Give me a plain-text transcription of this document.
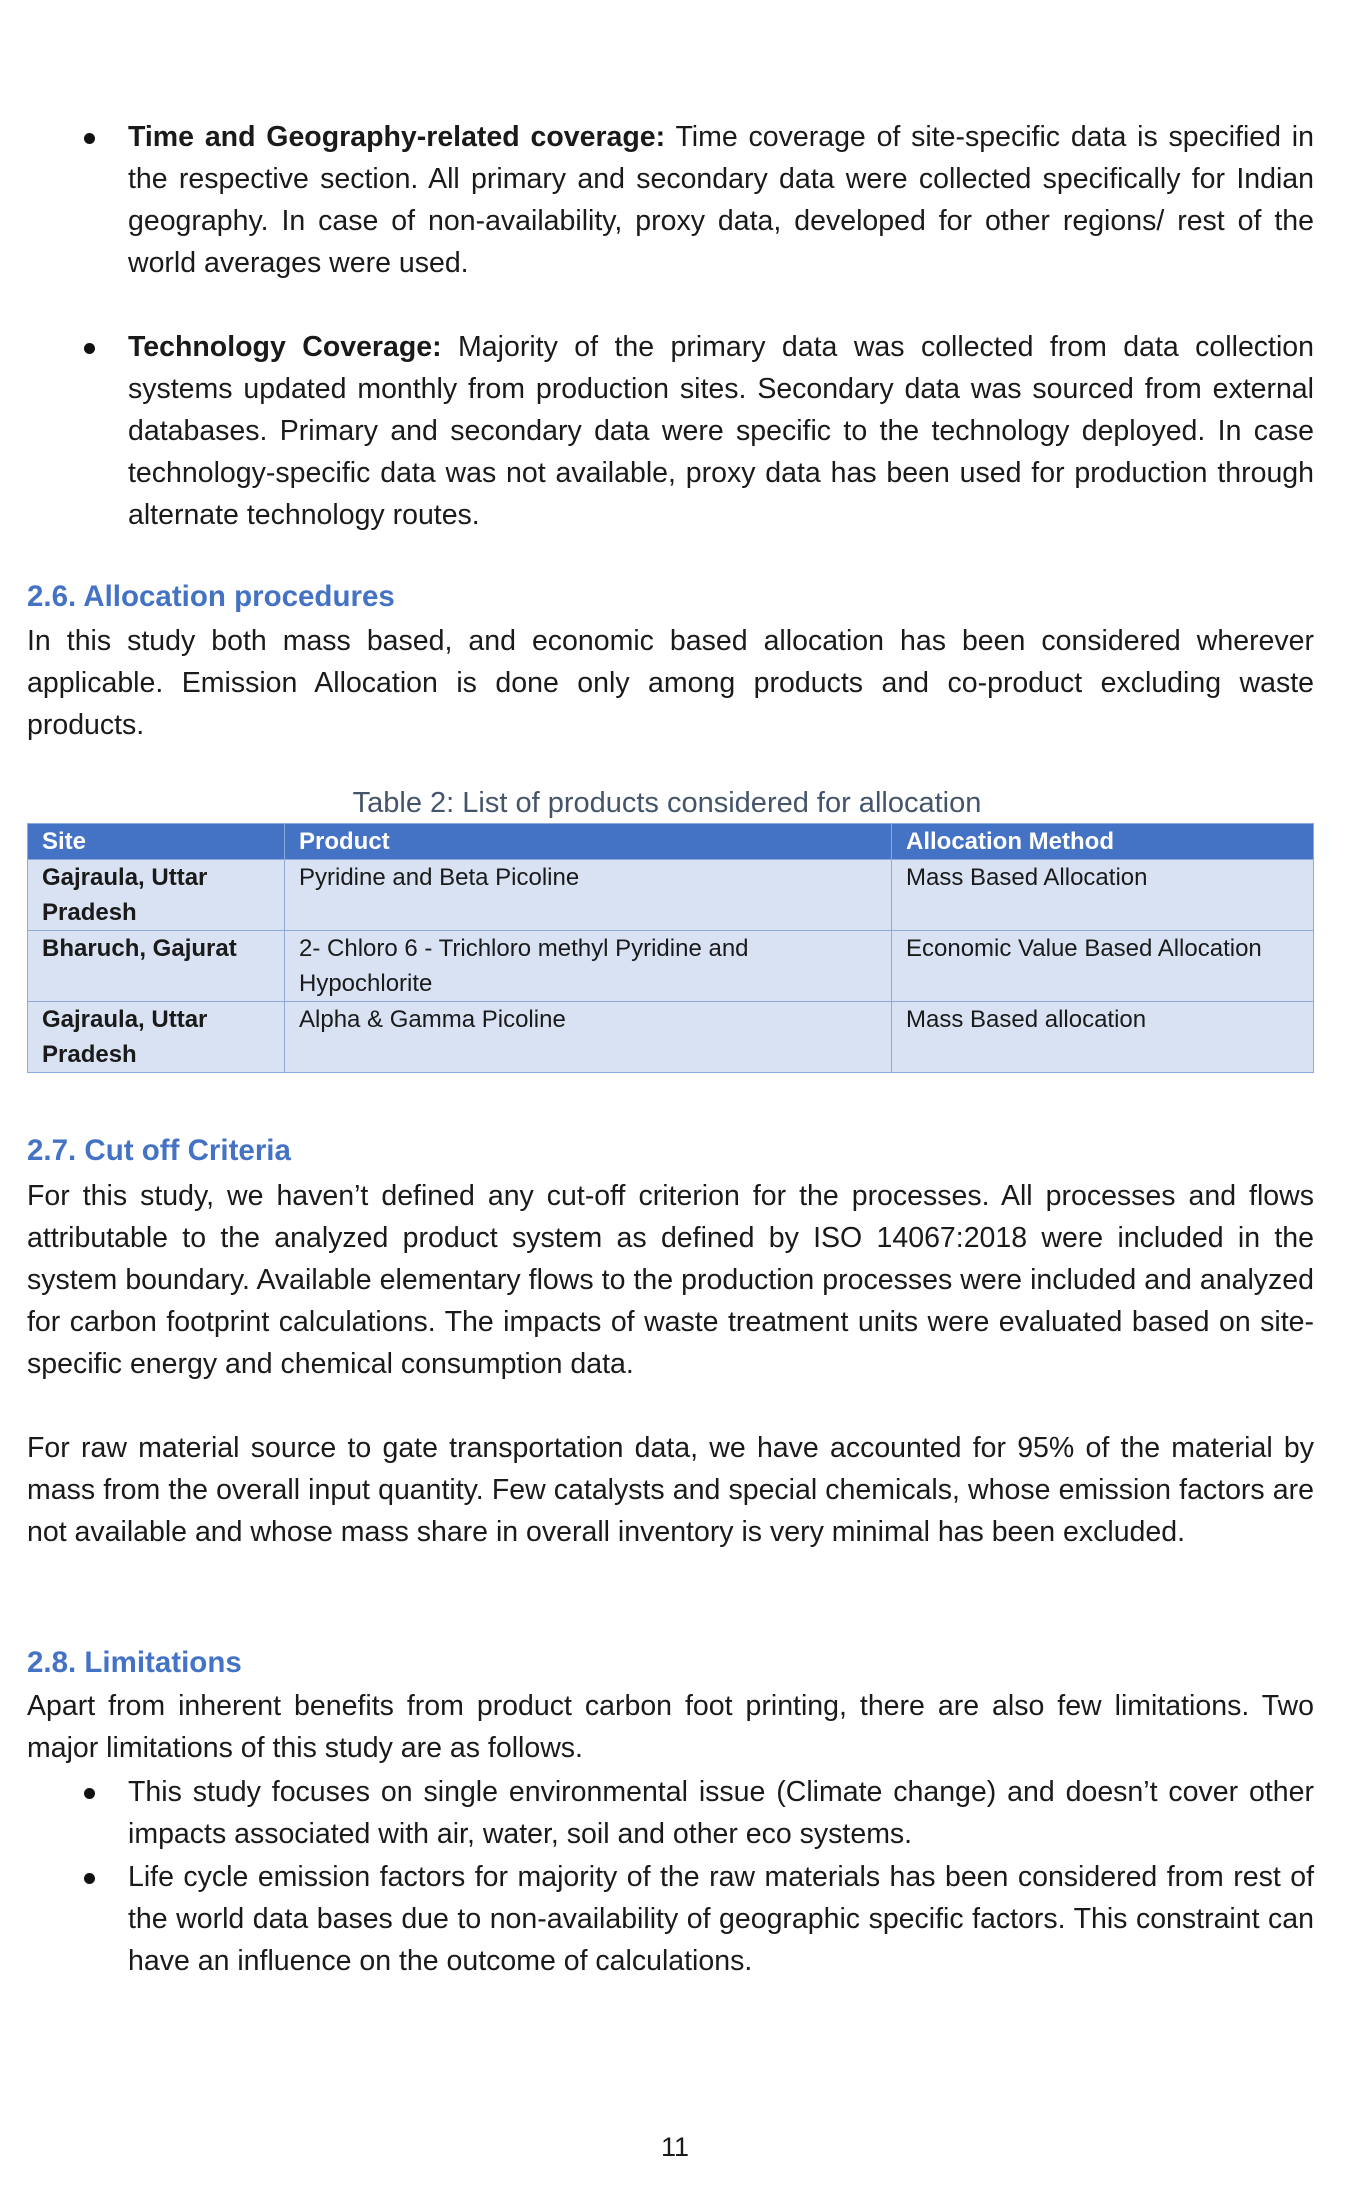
Time and Geography-related coverage: Time coverage of site-specific data is specified in the respective section. All primary and secondary data were collected specifically for Indian geography. In case of non-availability, proxy data, developed for other regions/ rest of the world averages were used.
Technology Coverage: Majority of the primary data was collected from data collection systems updated monthly from production sites. Secondary data was sourced from external databases. Primary and secondary data were specific to the technology deployed. In case technology-specific data was not available, proxy data has been used for production through alternate technology routes.
2.6. Allocation procedures
In this study both mass based, and economic based allocation has been considered wherever applicable. Emission Allocation is done only among products and co-product excluding waste products.
Table 2: List of products considered for allocation
Site	Product	Allocation Method
Gajraula, Uttar Pradesh	Pyridine and Beta Picoline	Mass Based Allocation
Bharuch, Gajurat	2- Chloro 6 - Trichloro methyl Pyridine and Hypochlorite	Economic Value Based Allocation
Gajraula, Uttar Pradesh	Alpha & Gamma Picoline	Mass Based allocation
2.7. Cut off Criteria
For this study, we haven’t defined any cut-off criterion for the processes. All processes and flows attributable to the analyzed product system as defined by ISO 14067:2018 were included in the system boundary. Available elementary flows to the production processes were included and analyzed for carbon footprint calculations. The impacts of waste treatment units were evaluated based on site-specific energy and chemical consumption data.
For raw material source to gate transportation data, we have accounted for 95% of the material by mass from the overall input quantity. Few catalysts and special chemicals, whose emission factors are not available and whose mass share in overall inventory is very minimal has been excluded.
2.8. Limitations
Apart from inherent benefits from product carbon foot printing, there are also few limitations. Two major limitations of this study are as follows.
This study focuses on single environmental issue (Climate change) and doesn’t cover other impacts associated with air, water, soil and other eco systems.
Life cycle emission factors for majority of the raw materials has been considered from rest of the world data bases due to non-availability of geographic specific factors. This constraint can have an influence on the outcome of calculations.
11
